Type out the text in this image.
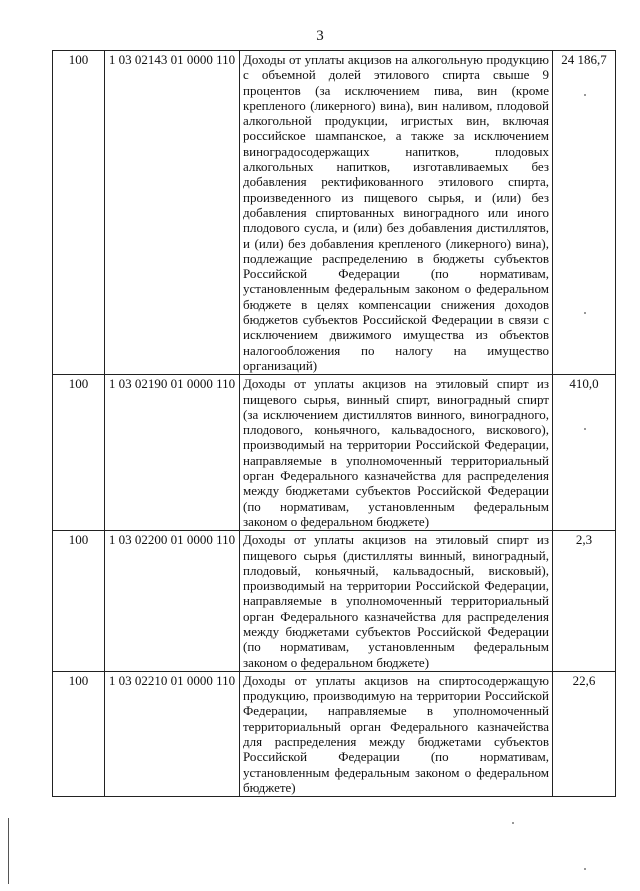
3
100	1 03 02143 01 0000 110	Доходы от уплаты акцизов на алкогольную продукцию с объемной долей этилового спирта свыше 9 процентов (за исключением пива, вин (кроме крепленого (ликерного) вина), вин наливом, плодовой алкогольной продукции, игристых вин, включая российское шампанское, а также за исключением виноградосодержащих напитков, плодовых алкогольных напитков, изготавливаемых без добавления ректификованного этилового спирта, произведенного из пищевого сырья, и (или) без добавления спиртованных виноградного или иного плодового сусла, и (или) без добавления дистиллятов, и (или) без добавления крепленого (ликерного) вина), подлежащие распределению в бюджеты субъектов Российской Федерации (по нормативам, установленным федеральным законом о федеральном бюджете в целях компенсации снижения доходов бюджетов субъектов Российской Федерации в связи с исключением движимого имущества из объектов налогообложения по налогу на имущество организаций)	24 186,7
100	1 03 02190 01 0000 110	Доходы от уплаты акцизов на этиловый спирт из пищевого сырья, винный спирт, виноградный спирт (за исключением дистиллятов винного, виноградного, плодового, коньячного, кальвадосного, вискового), производимый на территории Российской Федерации, направляемые в уполномоченный территориальный орган Федерального казначейства для распределения между бюджетами субъектов Российской Федерации (по нормативам, установленным федеральным законом о федеральном бюджете)	410,0
100	1 03 02200 01 0000 110	Доходы от уплаты акцизов на этиловый спирт из пищевого сырья (дистилляты винный, виноградный, плодовый, коньячный, кальвадосный, висковый), производимый на территории Российской Федерации, направляемые в уполномоченный территориальный орган Федерального казначейства для распределения между бюджетами субъектов Российской Федерации (по нормативам, установленным федеральным законом о федеральном бюджете)	2,3
100	1 03 02210 01 0000 110	Доходы от уплаты акцизов на спиртосодержащую продукцию, производимую на территории Российской Федерации, направляемые в уполномоченный территориальный орган Федерального казначейства для распределения между бюджетами субъектов Российской Федерации (по нормативам, установленным федеральным законом о федеральном бюджете)	22,6
